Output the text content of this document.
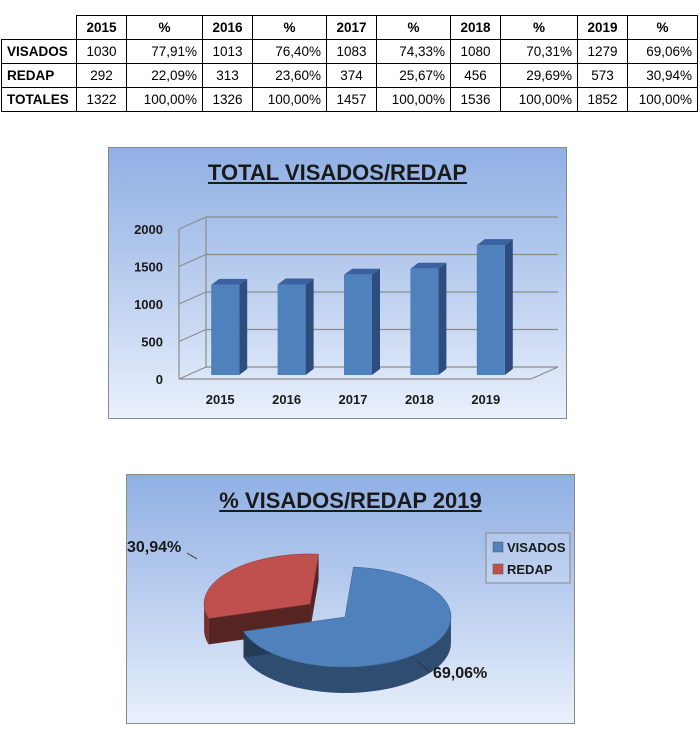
	2015	%	2016	%	2017	%	2018	%	2019	%
VISADOS	1030	77,91%	1013	76,40%	1083	74,33%	1080	70,31%	1279	69,06%
REDAP	292	22,09%	313	23,60%	374	25,67%	456	29,69%	573	30,94%
TOTALES	1322	100,00%	1326	100,00%	1457	100,00%	1536	100,00%	1852	100,00%
TOTAL VISADOS/REDAP
0
500
1000
1500
2000
2015	2016	2017	2018	2019
% VISADOS/REDAP 2019
69,06%
30,94%	VISADOS
REDAP
